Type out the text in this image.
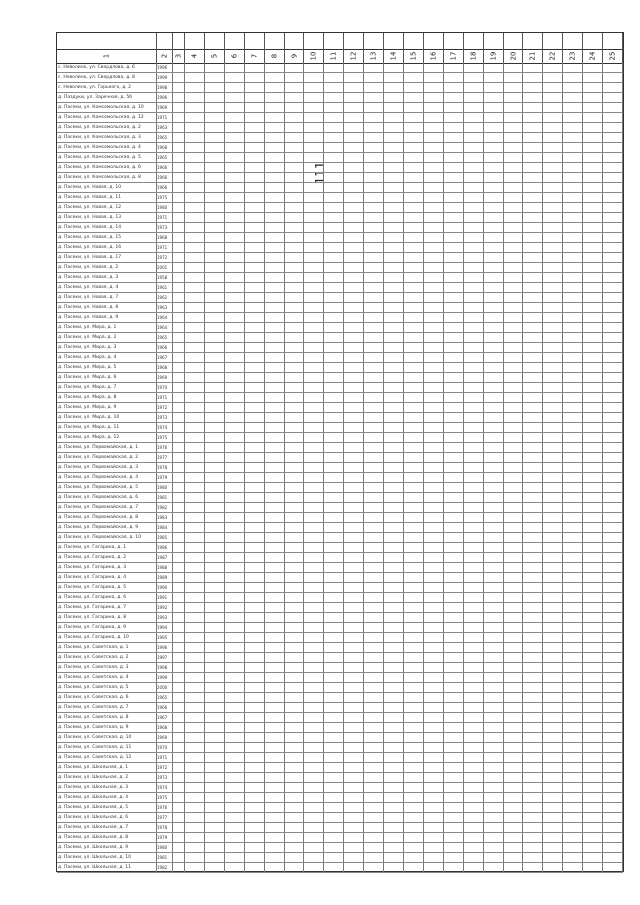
111
1	2 3 4 5 6 7 8 9 10 11 12 13 14 15 16 17 18 19 20 21 22 23 24 25
с. Неволино, ул. Свердлова, д. 6	1996
с. Неволино, ул. Свердлова, д. 8	1999
с. Неволино, ул. Горького, д. 2	1998
д. Паздуки, ул. Заречная, д. 5б	1996
д. Пасеки, ул. Комсомольская, д. 10	1969
д. Пасеки, ул. Комсомольская, д. 12	1971
д. Пасеки, ул. Комсомольская, д. 2	1963
д. Пасеки, ул. Комсомольская, д. 3	1965
д. Пасеки, ул. Комсомольская, д. 4	1968
д. Пасеки, ул. Комсомольская, д. 5	1965
д. Пасеки, ул. Комсомольская, д. 6	1966
д. Пасеки, ул. Комсомольская, д. 8	1966
д. Пасеки, ул. Новая, д. 10	1966
д. Пасеки, ул. Новая, д. 11	1975
д. Пасеки, ул. Новая, д. 12	1980
д. Пасеки, ул. Новая, д. 13	1971
д. Пасеки, ул. Новая, д. 14	1973
д. Пасеки, ул. Новая, д. 15	1968
д. Пасеки, ул. Новая, д. 16	1971
д. Пасеки, ул. Новая, д. 17	1972
д. Пасеки, ул. Новая, д. 2	2001
д. Пасеки, ул. Новая, д. 3	1958
д. Пасеки, ул. Новая, д. 4	1961
д. Пасеки, ул. Новая, д. 7	1962
д. Пасеки, ул. Новая, д. 8	1963
д. Пасеки, ул. Новая, д. 9	1964
д. Пасеки, ул. Мира, д. 1	1964
д. Пасеки, ул. Мира, д. 2	1965
д. Пасеки, ул. Мира, д. 3	1966
д. Пасеки, ул. Мира, д. 4	1967
д. Пасеки, ул. Мира, д. 5	1968
д. Пасеки, ул. Мира, д. 6	1969
д. Пасеки, ул. Мира, д. 7	1970
д. Пасеки, ул. Мира, д. 8	1971
д. Пасеки, ул. Мира, д. 9	1972
д. Пасеки, ул. Мира, д. 10	1973
д. Пасеки, ул. Мира, д. 11	1974
д. Пасеки, ул. Мира, д. 12	1975
д. Пасеки, ул. Первомайская, д. 1	1976
д. Пасеки, ул. Первомайская, д. 2	1977
д. Пасеки, ул. Первомайская, д. 3	1978
д. Пасеки, ул. Первомайская, д. 4	1979
д. Пасеки, ул. Первомайская, д. 5	1980
д. Пасеки, ул. Первомайская, д. 6	1981
д. Пасеки, ул. Первомайская, д. 7	1982
д. Пасеки, ул. Первомайская, д. 8	1983
д. Пасеки, ул. Первомайская, д. 9	1984
д. Пасеки, ул. Первомайская, д. 10	1985
д. Пасеки, ул. Гагарина, д. 1	1986
д. Пасеки, ул. Гагарина, д. 2	1987
д. Пасеки, ул. Гагарина, д. 3	1988
д. Пасеки, ул. Гагарина, д. 4	1989
д. Пасеки, ул. Гагарина, д. 5	1990
д. Пасеки, ул. Гагарина, д. 6	1991
д. Пасеки, ул. Гагарина, д. 7	1992
д. Пасеки, ул. Гагарина, д. 8	1993
д. Пасеки, ул. Гагарина, д. 9	1994
д. Пасеки, ул. Гагарина, д. 10	1995
д. Пасеки, ул. Советская, д. 1	1996
д. Пасеки, ул. Советская, д. 2	1997
д. Пасеки, ул. Советская, д. 3	1998
д. Пасеки, ул. Советская, д. 4	1999
д. Пасеки, ул. Советская, д. 5	2000
д. Пасеки, ул. Советская, д. 6	1965
д. Пасеки, ул. Советская, д. 7	1966
д. Пасеки, ул. Советская, д. 8	1967
д. Пасеки, ул. Советская, д. 9	1968
д. Пасеки, ул. Советская, д. 10	1969
д. Пасеки, ул. Советская, д. 11	1970
д. Пасеки, ул. Советская, д. 12	1971
д. Пасеки, ул. Школьная, д. 1	1972
д. Пасеки, ул. Школьная, д. 2	1973
д. Пасеки, ул. Школьная, д. 3	1974
д. Пасеки, ул. Школьная, д. 4	1975
д. Пасеки, ул. Школьная, д. 5	1976
д. Пасеки, ул. Школьная, д. 6	1977
д. Пасеки, ул. Школьная, д. 7	1978
д. Пасеки, ул. Школьная, д. 8	1979
д. Пасеки, ул. Школьная, д. 9	1980
д. Пасеки, ул. Школьная, д. 10	1981
д. Пасеки, ул. Школьная, д. 11	1982
